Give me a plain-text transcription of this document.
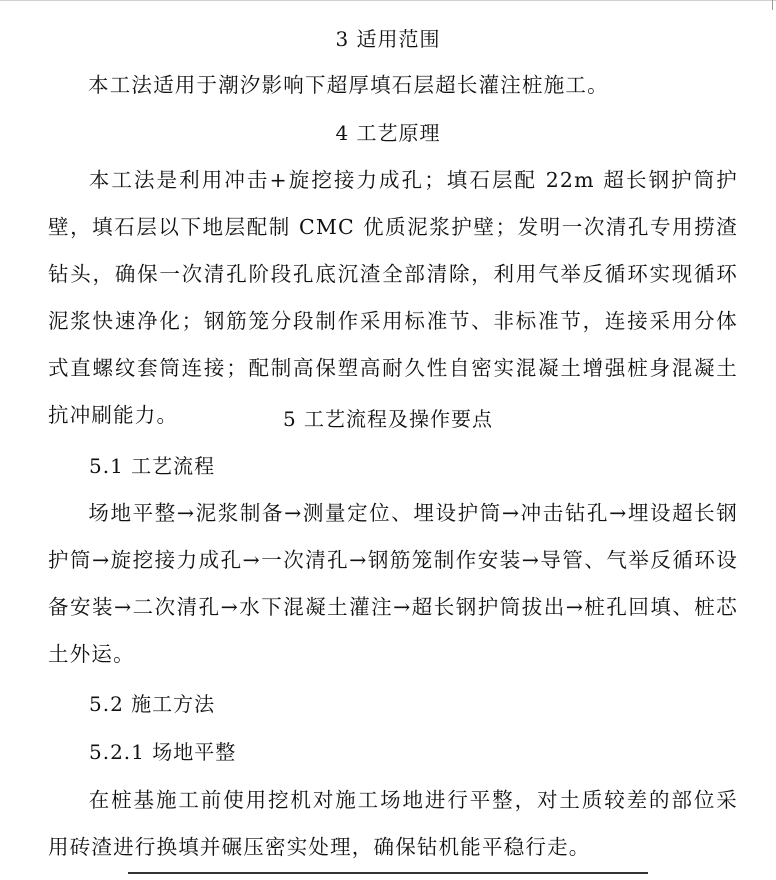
3 适用范围
本工法适用于潮汐影响下超厚填石层超长灌注桩施工。
4 工艺原理
本工法是利用冲击+旋挖接力成孔；填石层配 22m 超长钢护筒护壁，填石层以下地层配制 CMC 优质泥浆护壁；发明一次清孔专用捞渣钻头，确保一次清孔阶段孔底沉渣全部清除，利用气举反循环实现循环泥浆快速净化；钢筋笼分段制作采用标准节、非标准节，连接采用分体式直螺纹套筒连接；配制高保塑高耐久性自密实混凝土增强桩身混凝土抗冲刷能力。	5 工艺流程及操作要点
5.1 工艺流程
场地平整→泥浆制备→测量定位、埋设护筒→冲击钻孔→埋设超长钢护筒→旋挖接力成孔→一次清孔→钢筋笼制作安装→导管、气举反循环设备安装→二次清孔→水下混凝土灌注→超长钢护筒拔出→桩孔回填、桩芯土外运。
5.2 施工方法
5.2.1 场地平整
在桩基施工前使用挖机对施工场地进行平整，对土质较差的部位采用砖渣进行换填并碾压密实处理，确保钻机能平稳行走。
